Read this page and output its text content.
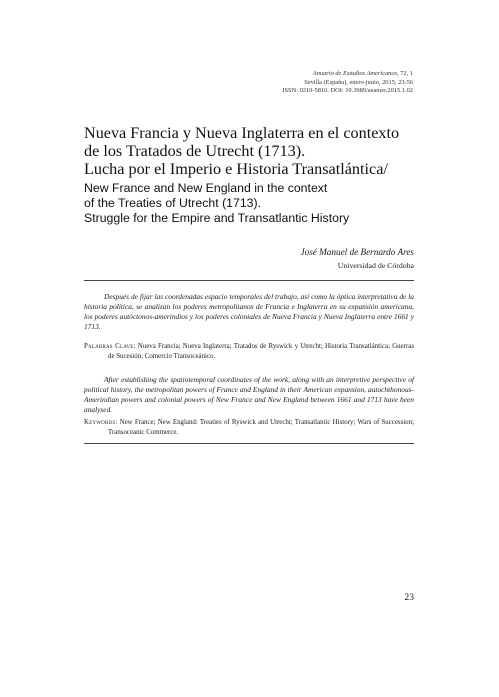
Anuario de Estudios Americanos, 72, 1
Sevilla (España), enero-junio, 2015, 23-56
ISSN: 0210-5810. DOI: 10.3989/aeamer.2015.1.02
Nueva Francia y Nueva Inglaterra en el contexto
de los Tratados de Utrecht (1713).
Lucha por el Imperio e Historia Transatlántica/
New France and New England in the context
of the Treaties of Utrecht (1713).
Struggle for the Empire and Transatlantic History
José Manuel de Bernardo Ares
Universidad de Córdoba

Después de fijar las coordenadas espacio temporales del trabajo, así como la óptica interpretativa de la historia política, se analizan los poderes metropolitanos de Francia e Inglaterra en su expansión americana, los poderes autóctonos-amerindios y los poderes coloniales de Nueva Francia y Nueva Inglaterra entre 1661 y 1713.

Palabras Clave: Nueva Francia; Nueva Inglaterra; Tratados de Ryswick y Utrecht; Historia Transatlántica; Guerras de Sucesión; Comercio Transoceánico.

After establishing the spatiotemporal coordinates of the work, along with an interpretive perspective of political history, the metropolitan powers of France and England in their American expansion, autochthonous-Amerindian powers and colonial powers of New France and New England between 1661 and 1713 have been analysed.

Keywords: New France; New England: Treaties of Ryswick and Utrecht; Transatlantic History; Wars of Succession; Transoceanic Commerce.

23
